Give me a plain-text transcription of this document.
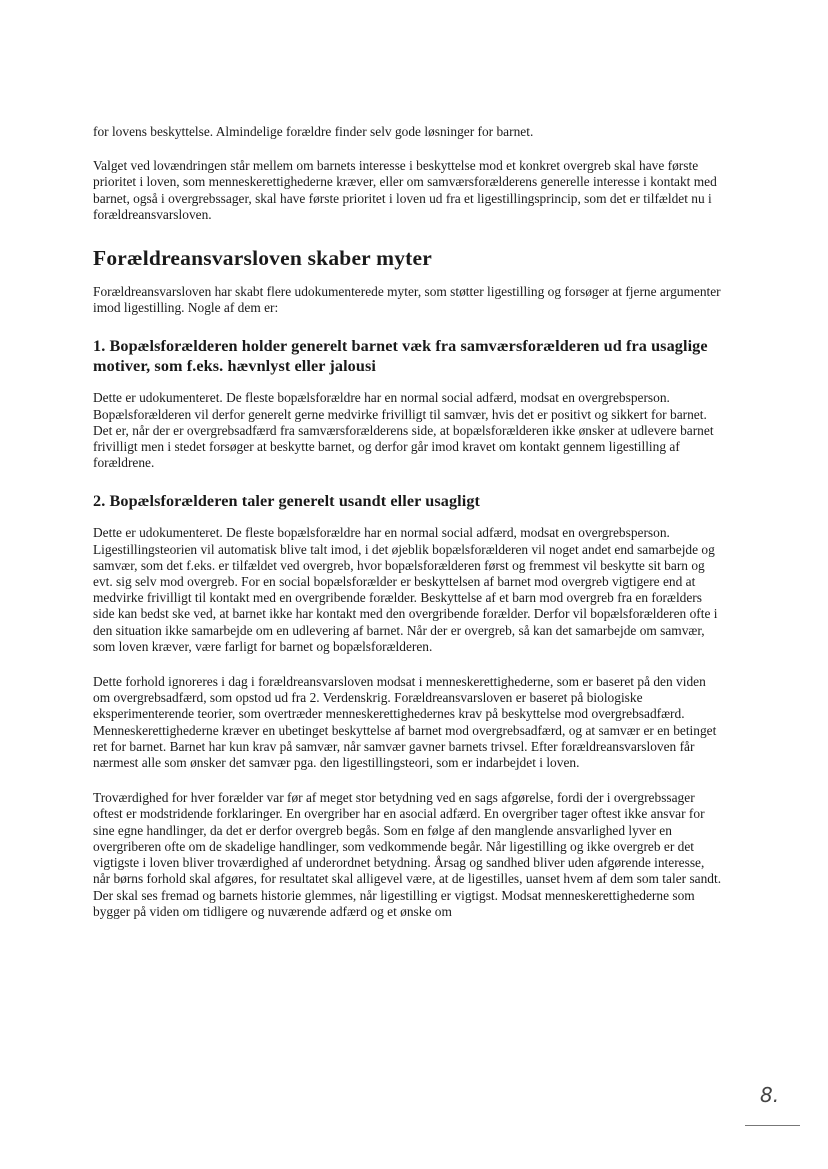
for lovens beskyttelse. Almindelige forældre finder selv gode løsninger for barnet.

Valget ved lovændringen står mellem om barnets interesse i beskyttelse mod et konkret overgreb skal have første prioritet i loven, som menneskerettighederne kræver, eller om samværsforælderens generelle interesse i kontakt med barnet, også i overgrebssager, skal have første prioritet i loven ud fra et ligestillingsprincip, som det er tilfældet nu i forældreansvarsloven.

Forældreansvarsloven skaber myter

Forældreansvarsloven har skabt flere udokumenterede myter, som støtter ligestilling og forsøger at fjerne argumenter imod ligestilling. Nogle af dem er:

1. Bopælsforælderen holder generelt barnet væk fra samværsforælderen ud fra usaglige motiver, som f.eks. hævnlyst eller jalousi

Dette er udokumenteret. De fleste bopælsforældre har en normal social adfærd, modsat en overgrebsperson. Bopælsforælderen vil derfor generelt gerne medvirke frivilligt til samvær, hvis det er positivt og sikkert for barnet. Det er, når der er overgrebsadfærd fra samværsforælderens side, at bopælsforælderen ikke ønsker at udlevere barnet frivilligt men i stedet forsøger at beskytte barnet, og derfor går imod kravet om kontakt gennem ligestilling af forældrene.

2. Bopælsforælderen taler generelt usandt eller usagligt

Dette er udokumenteret. De fleste bopælsforældre har en normal social adfærd, modsat en overgrebsperson. Ligestillingsteorien vil automatisk blive talt imod, i det øjeblik bopælsforælderen vil noget andet end samarbejde og samvær, som det f.eks. er tilfældet ved overgreb, hvor bopælsforælderen først og fremmest vil beskytte sit barn og evt. sig selv mod overgreb. For en social bopælsforælder er beskyttelsen af barnet mod overgreb vigtigere end at medvirke frivilligt til kontakt med en overgribende forælder. Beskyttelse af et barn mod overgreb fra en forælders side kan bedst ske ved, at barnet ikke har kontakt med den overgribende forælder. Derfor vil bopælsforælderen ofte i den situation ikke samarbejde om en udlevering af barnet. Når der er overgreb, så kan det samarbejde om samvær, som loven kræver, være farligt for barnet og bopælsforælderen.

Dette forhold ignoreres i dag i forældreansvarsloven modsat i menneskerettighederne, som er baseret på den viden om overgrebsadfærd, som opstod ud fra 2. Verdenskrig. Forældreansvarsloven er baseret på biologiske eksperimenterende teorier, som overtræder menneskerettighedernes krav på beskyttelse mod overgrebsadfærd. Menneskerettighederne kræver en ubetinget beskyttelse af barnet mod overgrebsadfærd, og at samvær er en betinget ret for barnet. Barnet har kun krav på samvær, når samvær gavner barnets trivsel. Efter forældreansvarsloven får nærmest alle som ønsker det samvær pga. den ligestillingsteori, som er indarbejdet i loven.

Troværdighed for hver forælder var før af meget stor betydning ved en sags afgørelse, fordi der i overgrebssager oftest er modstridende forklaringer. En overgriber har en asocial adfærd. En overgriber tager oftest ikke ansvar for sine egne handlinger, da det er derfor overgreb begås. Som en følge af den manglende ansvarlighed lyver en overgriberen ofte om de skadelige handlinger, som vedkommende begår. Når ligestilling og ikke overgreb er det vigtigste i loven bliver troværdighed af underordnet betydning. Årsag og sandhed bliver uden afgørende interesse, når børns forhold skal afgøres, for resultatet skal alligevel være, at de ligestilles, uanset hvem af dem som taler sandt. Der skal ses fremad og barnets historie glemmes, når ligestilling er vigtigst. Modsat menneskerettighederne som bygger på viden om tidligere og nuværende adfærd og et ønske om

8.
